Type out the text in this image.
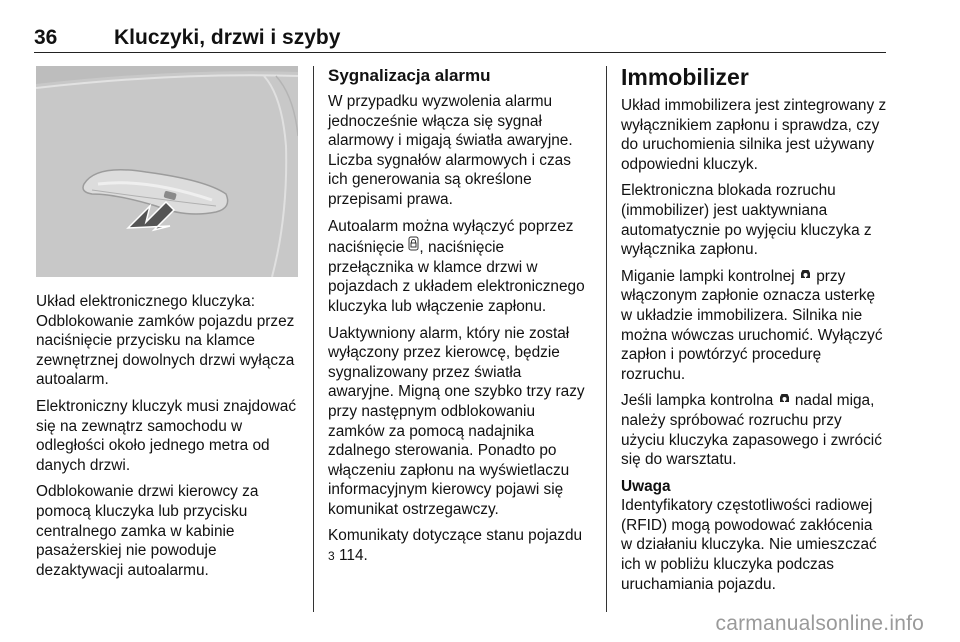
36	Kluczyki, drzwi i szyby

Układ elektronicznego kluczyka:
Odblokowanie zamków pojazdu przez naciśnięcie przycisku na klamce zewnętrznej dowolnych drzwi wyłącza autoalarm.

Elektroniczny kluczyk musi znajdować się na zewnątrz samochodu w odległości około jednego metra od danych drzwi.

Odblokowanie drzwi kierowcy za pomocą kluczyka lub przycisku centralnego zamka w kabinie pasażerskiej nie powoduje dezaktywacji autoalarmu.

Sygnalizacja alarmu

W przypadku wyzwolenia alarmu jednocześnie włącza się sygnał alarmowy i migają światła awaryjne. Liczba sygnałów alarmowych i czas ich generowania są określone przepisami prawa.

Autoalarm można wyłączyć poprzez naciśnięcie , naciśnięcie przełącznika w klamce drzwi w pojazdach z układem elektronicznego kluczyka lub włączenie zapłonu.

Uaktywniony alarm, który nie został wyłączony przez kierowcę, będzie sygnalizowany przez światła awaryjne. Migną one szybko trzy razy przy następnym odblokowaniu zamków za pomocą nadajnika zdalnego sterowania. Ponadto po włączeniu zapłonu na wyświetlaczu informacyjnym kierowcy pojawi się komunikat ostrzegawczy.

Komunikaty dotyczące stanu pojazdu
3 114.

Immobilizer

Układ immobilizera jest zintegrowany z wyłącznikiem zapłonu i sprawdza, czy do uruchomienia silnika jest używany odpowiedni kluczyk.

Elektroniczna blokada rozruchu (immobilizer) jest uaktywniana automatycznie po wyjęciu kluczyka z wyłącznika zapłonu.

Miganie lampki kontrolnej  przy włączonym zapłonie oznacza usterkę w układzie immobilizera. Silnika nie można wówczas uruchomić. Wyłączyć zapłon i powtórzyć procedurę rozruchu.

Jeśli lampka kontrolna  nadal miga, należy spróbować rozruchu przy użyciu kluczyka zapasowego i zwrócić się do warsztatu.

Uwaga
Identyfikatory częstotliwości radiowej (RFID) mogą powodować zakłócenia w działaniu kluczyka. Nie umieszczać ich w pobliżu kluczyka podczas uruchamiania pojazdu.

carmanualsonline.info
